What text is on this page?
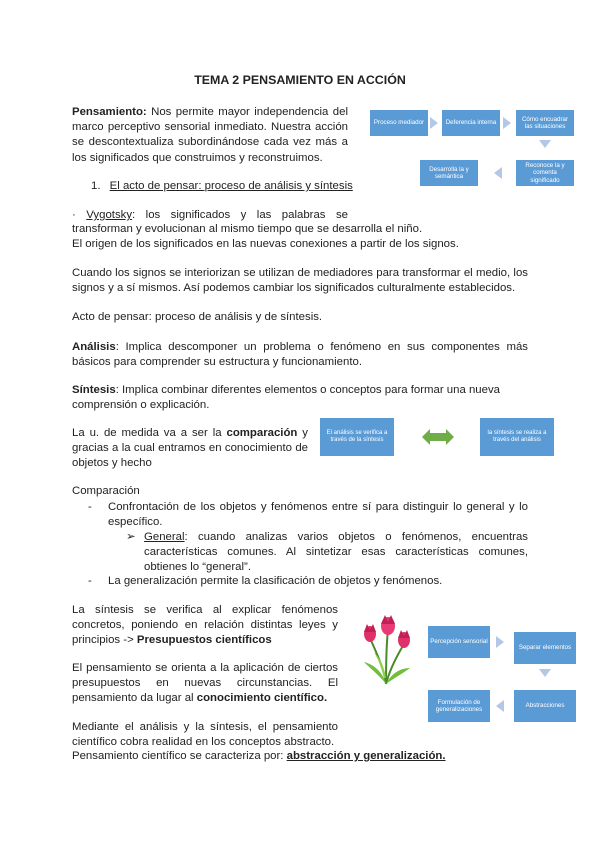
TEMA 2 PENSAMIENTO EN ACCIÓN
Pensamiento: Nos permite mayor independencia del marco perceptivo sensorial inmediato. Nuestra acción se descontextualiza subordinándose cada vez más a los significados que construimos y reconstruimos.
Proceso mediador	Deferencia interna
Cómo encuadrar las situaciones
Reconoce la y comenta significado
Desarrolla la y semántica
1. El acto de pensar: proceso de análisis y síntesis
· Vygotsky: los significados y las palabras se
transforman y evolucionan al mismo tiempo que se desarrolla el niño.
El origen de los significados en las nuevas conexiones a partir de los signos.
Cuando los signos se interiorizan se utilizan de mediadores para transformar el medio, los signos y a sí mismos. Así podemos cambiar los significados culturalmente establecidos.
Acto de pensar: proceso de análisis y de síntesis.
Análisis: Implica descomponer un problema o fenómeno en sus componentes más básicos para comprender su estructura y funcionamiento.
Síntesis: Implica combinar diferentes elementos o conceptos para formar una nueva comprensión o explicación.
La u. de medida va a ser la comparación y gracias a la cual entramos en conocimiento de objetos y hecho
El análisis se verifica a través de la síntesis
la síntesis se realiza a través del análisis
Comparación
- Confrontación de los objetos y fenómenos entre sí para distinguir lo general y lo específico.
➢ General: cuando analizas varios objetos o fenómenos, encuentras características comunes. Al sintetizar esas características comunes, obtienes lo “general”.
- La generalización permite la clasificación de objetos y fenómenos.
La síntesis se verifica al explicar fenómenos concretos, poniendo en relación distintas leyes y principios -> Presupuestos científicos
El pensamiento se orienta a la aplicación de ciertos presupuestos en nuevas circunstancias. El pensamiento da lugar al conocimiento científico.
Mediante el análisis y la síntesis, el pensamiento científico cobra realidad en los conceptos abstracto.
Pensamiento científico se caracteriza por: abstracción y generalización.
Percepción sensorial
Separar elementos
Abstracciones
Formulación de generalizaciones
